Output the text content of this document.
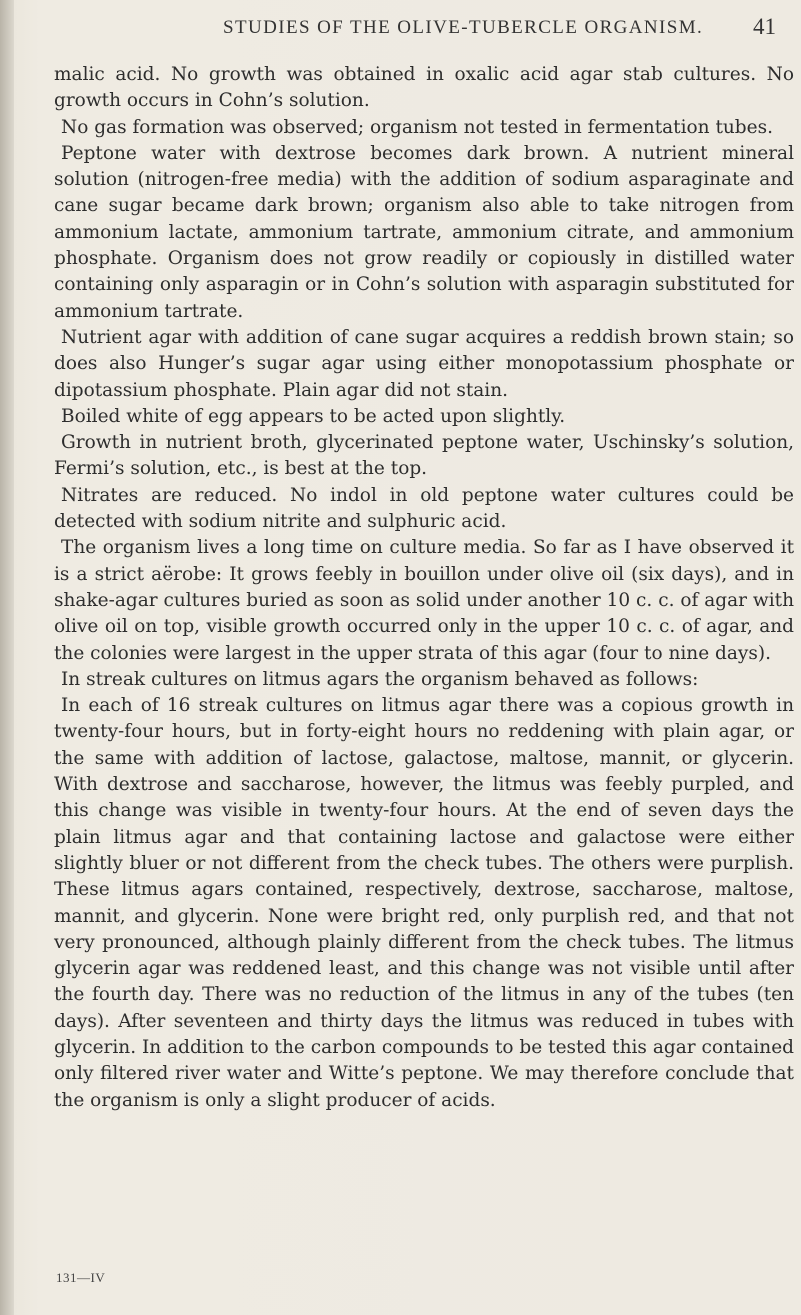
STUDIES OF THE OLIVE-TUBERCLE ORGANISM. 41

malic acid. No growth was obtained in oxalic acid agar stab cultures. No growth occurs in Cohn’s solution.

No gas formation was observed; organism not tested in fermentation tubes.

Peptone water with dextrose becomes dark brown. A nutrient mineral solution (nitrogen-free media) with the addition of sodium asparaginate and cane sugar became dark brown; organism also able to take nitrogen from ammonium lactate, ammonium tartrate, ammonium citrate, and ammonium phosphate. Organism does not grow readily or copiously in distilled water containing only asparagin or in Cohn’s solution with asparagin substituted for ammonium tartrate.

Nutrient agar with addition of cane sugar acquires a reddish brown stain; so does also Hunger’s sugar agar using either monopotassium phosphate or dipotassium phosphate. Plain agar did not stain.

Boiled white of egg appears to be acted upon slightly.

Growth in nutrient broth, glycerinated peptone water, Uschinsky’s solution, Fermi’s solution, etc., is best at the top.

Nitrates are reduced. No indol in old peptone water cultures could be detected with sodium nitrite and sulphuric acid.

The organism lives a long time on culture media. So far as I have observed it is a strict aërobe: It grows feebly in bouillon under olive oil (six days), and in shake-agar cultures buried as soon as solid under another 10 c. c. of agar with olive oil on top, visible growth occurred only in the upper 10 c. c. of agar, and the colonies were largest in the upper strata of this agar (four to nine days).

In streak cultures on litmus agars the organism behaved as follows:

In each of 16 streak cultures on litmus agar there was a copious growth in twenty-four hours, but in forty-eight hours no reddening with plain agar, or the same with addition of lactose, galactose, maltose, mannit, or glycerin. With dextrose and saccharose, however, the litmus was feebly purpled, and this change was visible in twenty-four hours. At the end of seven days the plain litmus agar and that containing lactose and galactose were either slightly bluer or not different from the check tubes. The others were purplish. These litmus agars contained, respectively, dextrose, saccharose, maltose, mannit, and glycerin. None were bright red, only purplish red, and that not very pronounced, although plainly different from the check tubes. The litmus glycerin agar was reddened least, and this change was not visible until after the fourth day. There was no reduction of the litmus in any of the tubes (ten days). After seventeen and thirty days the litmus was reduced in tubes with glycerin. In addition to the carbon compounds to be tested this agar contained only filtered river water and Witte’s peptone. We may therefore conclude that the organism is only a slight producer of acids.

131—IV
